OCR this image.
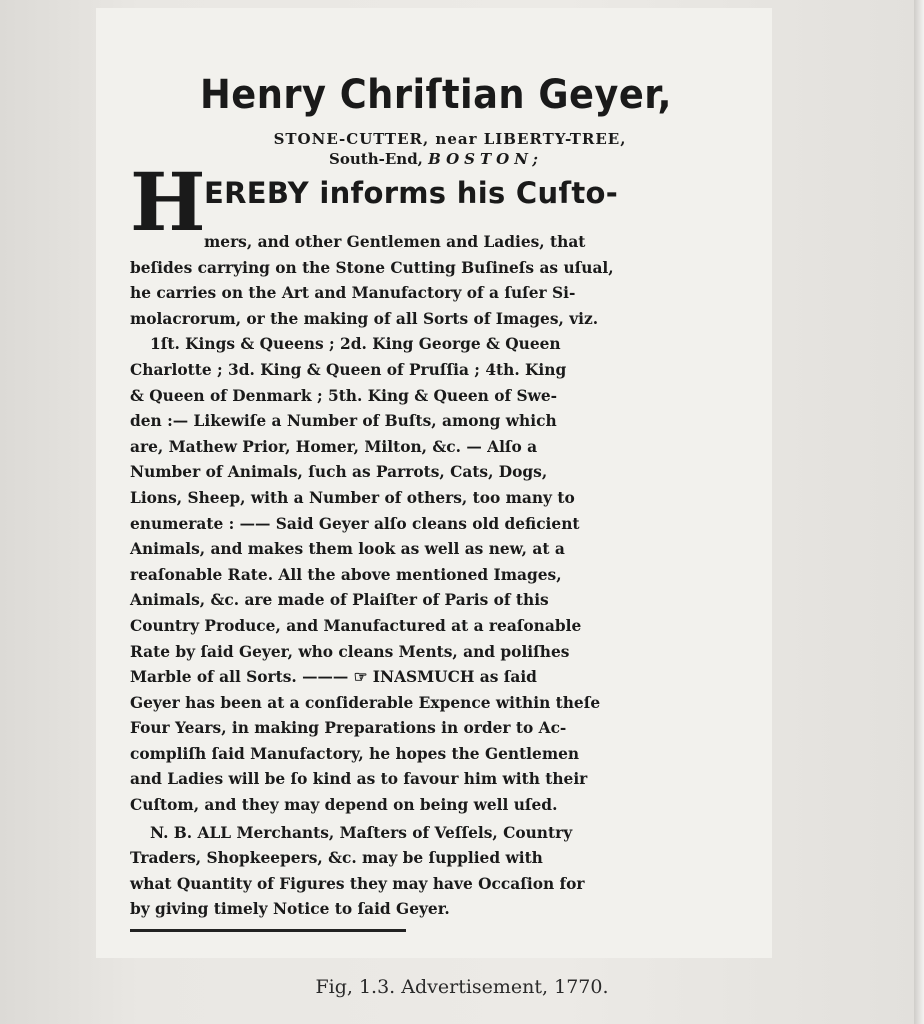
Henry Chriſtian Geyer,
STONE-CUTTER, near LIBERTY-TREE,
South-End, BOSTON;
H
EREBY informs his Cuſto-
mers, and other Gentlemen and Ladies, that
beſides carrying on the Stone Cutting Buſineſs as uſual,
he carries on the Art and Manufactory of a ſuſer Si-
molacrorum, or the making of all Sorts of Images, viz.
1ſt. Kings & Queens ; 2d. King George & Queen
Charlotte ; 3d. King & Queen of Pruſſia ; 4th. King
& Queen of Denmark ; 5th. King & Queen of Swe-
den :— Likewiſe a Number of Buſts, among which
are, Mathew Prior, Homer, Milton, &c. — Alſo a
Number of Animals, ſuch as Parrots, Cats, Dogs,
Lions, Sheep, with a Number of others, too many to
enumerate : —— Said Geyer alſo cleans old deficient
Animals, and makes them look as well as new, at a
reaſonable Rate. All the above mentioned Images,
Animals, &c. are made of Plaiſter of Paris of this
Country Produce, and Manufactured at a reaſonable
Rate by ſaid Geyer, who cleans Ments, and poliſhes
Marble of all Sorts. ——— ☞ INASMUCH as ſaid
Geyer has been at a conſiderable Expence within theſe
Four Years, in making Preparations in order to Ac-
compliſh ſaid Manufactory, he hopes the Gentlemen
and Ladies will be ſo kind as to favour him with their
Cuſtom, and they may depend on being well uſed.
N. B. ALL Merchants, Maſters of Veſſels, Country
Traders, Shopkeepers, &c. may be ſupplied with
what Quantity of Figures they may have Occaſion for
by giving timely Notice to ſaid Geyer.
Fig, 1.3. Advertisement, 1770.
